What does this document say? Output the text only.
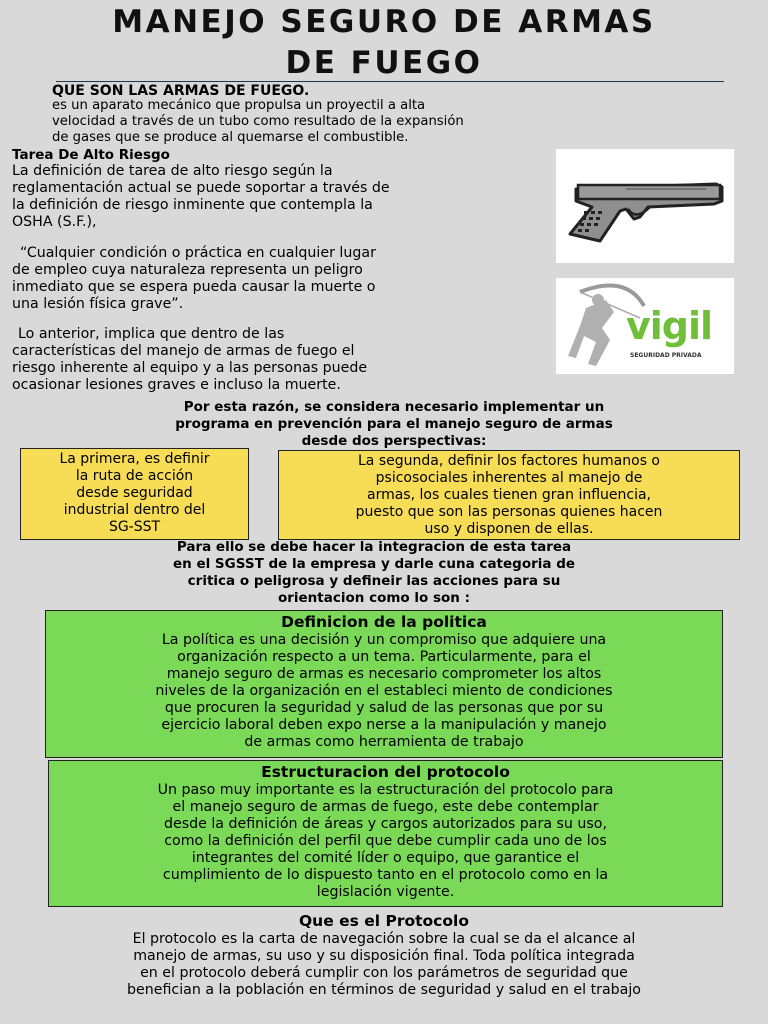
MANEJO SEGURO DE ARMAS
DE FUEGO

QUE SON LAS ARMAS DE FUEGO.

es un aparato mecánico que propulsa un proyectil a alta
velocidad a través de un tubo como resultado de la expansión
de gases que se produce al quemarse el combustible.

Tarea De Alto Riesgo

La definición de tarea de alto riesgo según la
reglamentación actual se puede soportar a través de
la definición de riesgo inminente que contempla la
OSHA (S.F.),

“Cualquier condición o práctica en cualquier lugar
de empleo cuya naturaleza representa un peligro
inmediato que se espera pueda causar la muerte o
una lesión física grave”.

Lo anterior, implica que dentro de las
características del manejo de armas de fuego el
riesgo inherente al equipo y a las personas puede
ocasionar lesiones graves e incluso la muerte.

vigil
SEGURIDAD PRIVADA

Por esta razón, se considera necesario implementar un
programa en prevención para el manejo seguro de armas
desde dos perspectivas:

La primera, es definir
la ruta de acción
desde seguridad
industrial dentro del
SG-SST
La segunda, definir los factores humanos o
psicosociales inherentes al manejo de
armas, los cuales tienen gran influencia,
puesto que son las personas quienes hacen
uso y disponen de ellas.

Para ello se debe hacer la integracion de esta tarea
en el SGSST de la empresa y darle cuna categoria de
critica o peligrosa y defineir las acciones para su
orientacion como lo son :

Definicion de la politica

La política es una decisión y un compromiso que adquiere una
organización respecto a un tema. Particularmente, para el
manejo seguro de armas es necesario comprometer los altos
niveles de la organización en el estableci miento de condiciones
que procuren la seguridad y salud de las personas que por su
ejercicio laboral deben expo nerse a la manipulación y manejo
de armas como herramienta de trabajo

Estructuracion del protocolo

Un paso muy importante es la estructuración del protocolo para
el manejo seguro de armas de fuego, este debe contemplar
desde la definición de áreas y cargos autorizados para su uso,
como la definición del perfil que debe cumplir cada uno de los
integrantes del comité líder o equipo, que garantice el
cumplimiento de lo dispuesto tanto en el protocolo como en la
legislación vigente.

Que es el Protocolo

El protocolo es la carta de navegación sobre la cual se da el alcance al
manejo de armas, su uso y su disposición final. Toda política integrada
en el protocolo deberá cumplir con los parámetros de seguridad que
benefician a la población en términos de seguridad y salud en el trabajo
